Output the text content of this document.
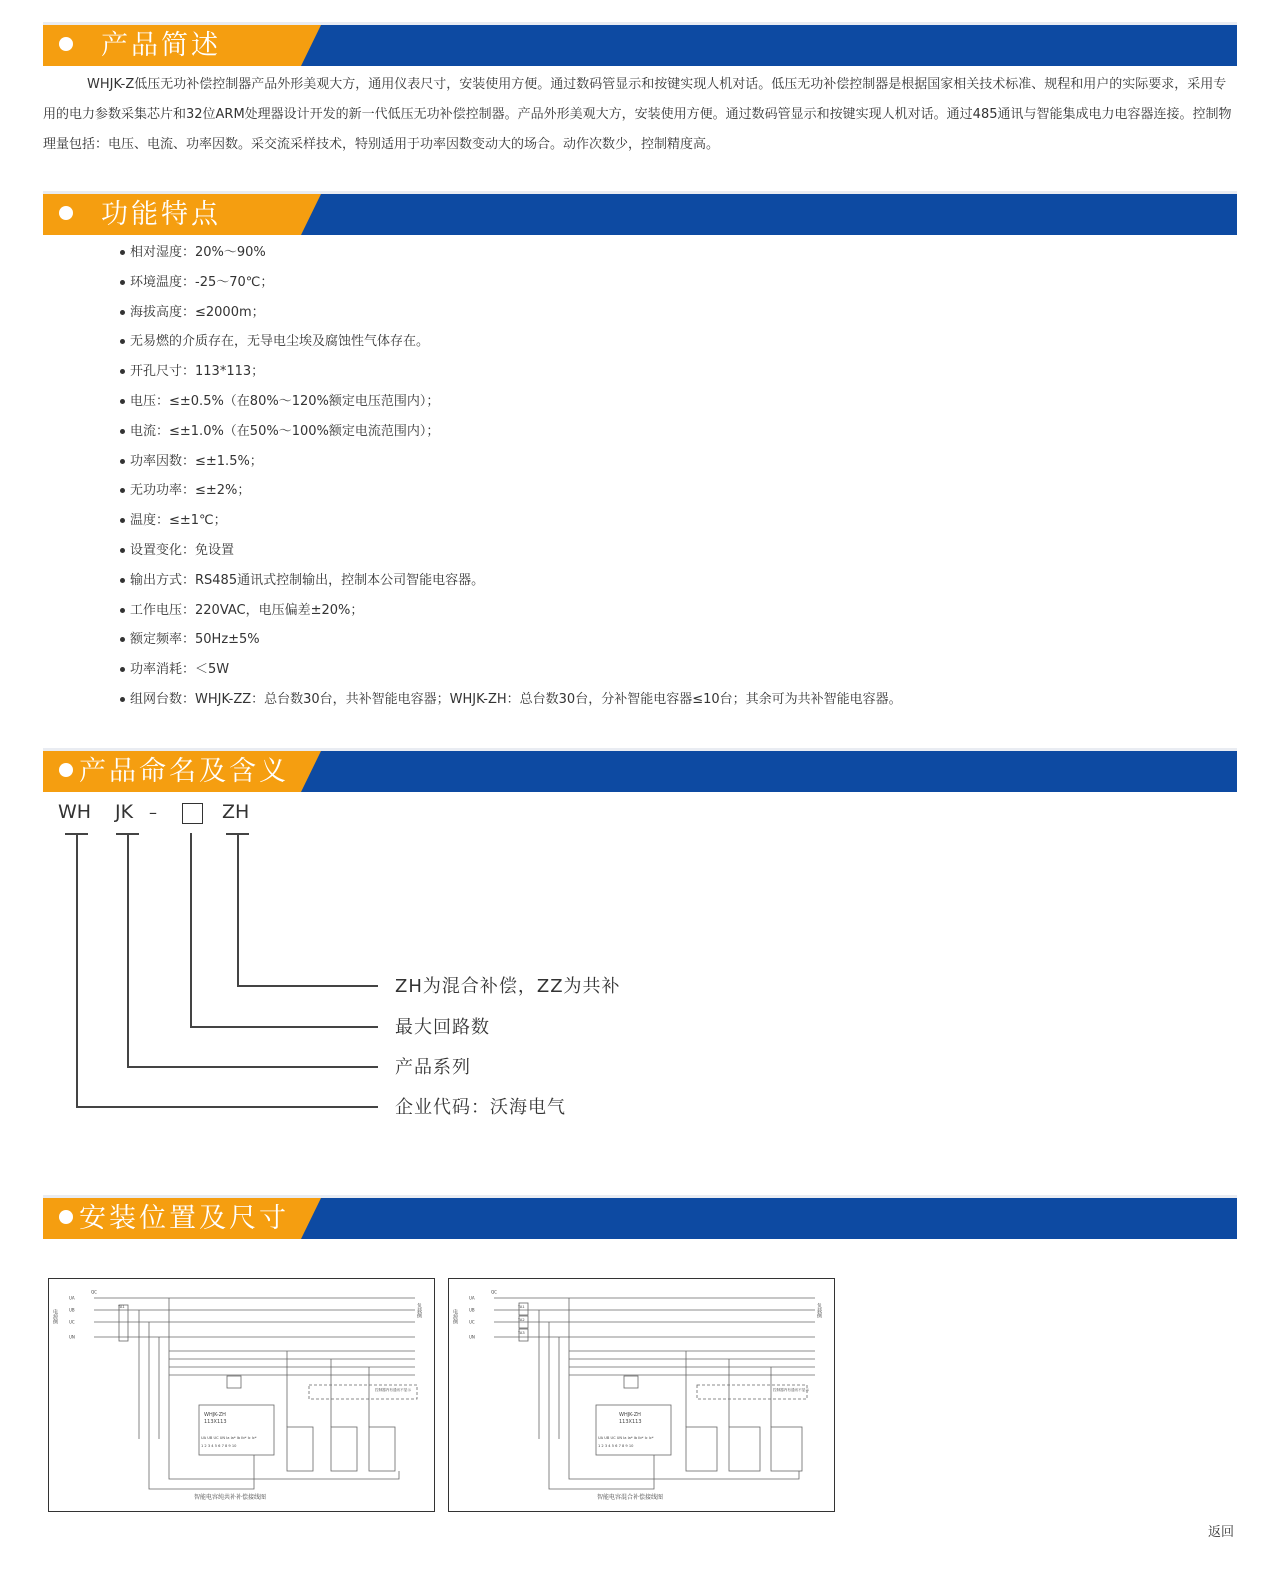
产品简述

WHJK-Z低压无功补偿控制器产品外形美观大方，通用仪表尺寸，安装使用方便。通过数码管显示和按键实现人机对话。低压无功补偿控制器是根据国家相关技术标准、规程和用户的实际要求，采用专用的电力参数采集芯片和32位ARM处理器设计开发的新一代低压无功补偿控制器。产品外形美观大方，安装使用方便。通过数码管显示和按键实现人机对话。通过485通讯与智能集成电力电容器连接。控制物理量包括：电压、电流、功率因数。采交流采样技术，特别适用于功率因数变动大的场合。动作次数少，控制精度高。

功能特点
相对湿度：20%～90%
环境温度：-25～70℃；
海拔高度：≤2000m；
无易燃的介质存在，无导电尘埃及腐蚀性气体存在。
开孔尺寸：113*113；
电压：≤±0.5%（在80%～120%额定电压范围内）；
电流：≤±1.0%（在50%～100%额定电流范围内）；
功率因数：≤±1.5%；
无功功率：≤±2%；
温度：≤±1℃；
设置变化：免设置
输出方式：RS485通讯式控制输出，控制本公司智能电容器。
工作电压：220VAC，电压偏差±20%；
额定频率：50Hz±5%
功率消耗：＜5W
组网台数：WHJK-ZZ：总台数30台，共补智能电容器；WHJK-ZH：总台数30台，分补智能电容器≤10台；其余可为共补智能电容器。
产品命名及含义
WH JK –	ZH
ZH为混合补偿，ZZ为共补
最大回路数
产品系列
企业代码：沃海电气
安装位置及尺寸
电源侧	负载侧
WHJK-ZH
113X113
UA UB UC UN Ia Ia* Ib Ib* Ic Ic*
1 2 3 4 5 6 7 8 9 10
控制器内有通讯不显示
智能电容纯共补补偿接线图
QC
UA
UB
UC
UN
TA1
电源侧	负载侧
WHJK-ZH
113X113
UA UB UC UN Ia Ia* Ib Ib* Ic Ic*
1 2 3 4 5 6 7 8 9 10
控制器内有通讯不显示
智能电容混合补偿接线图
QC
UA
UB
UC
UN
TA1
TA2
TA3
返回
